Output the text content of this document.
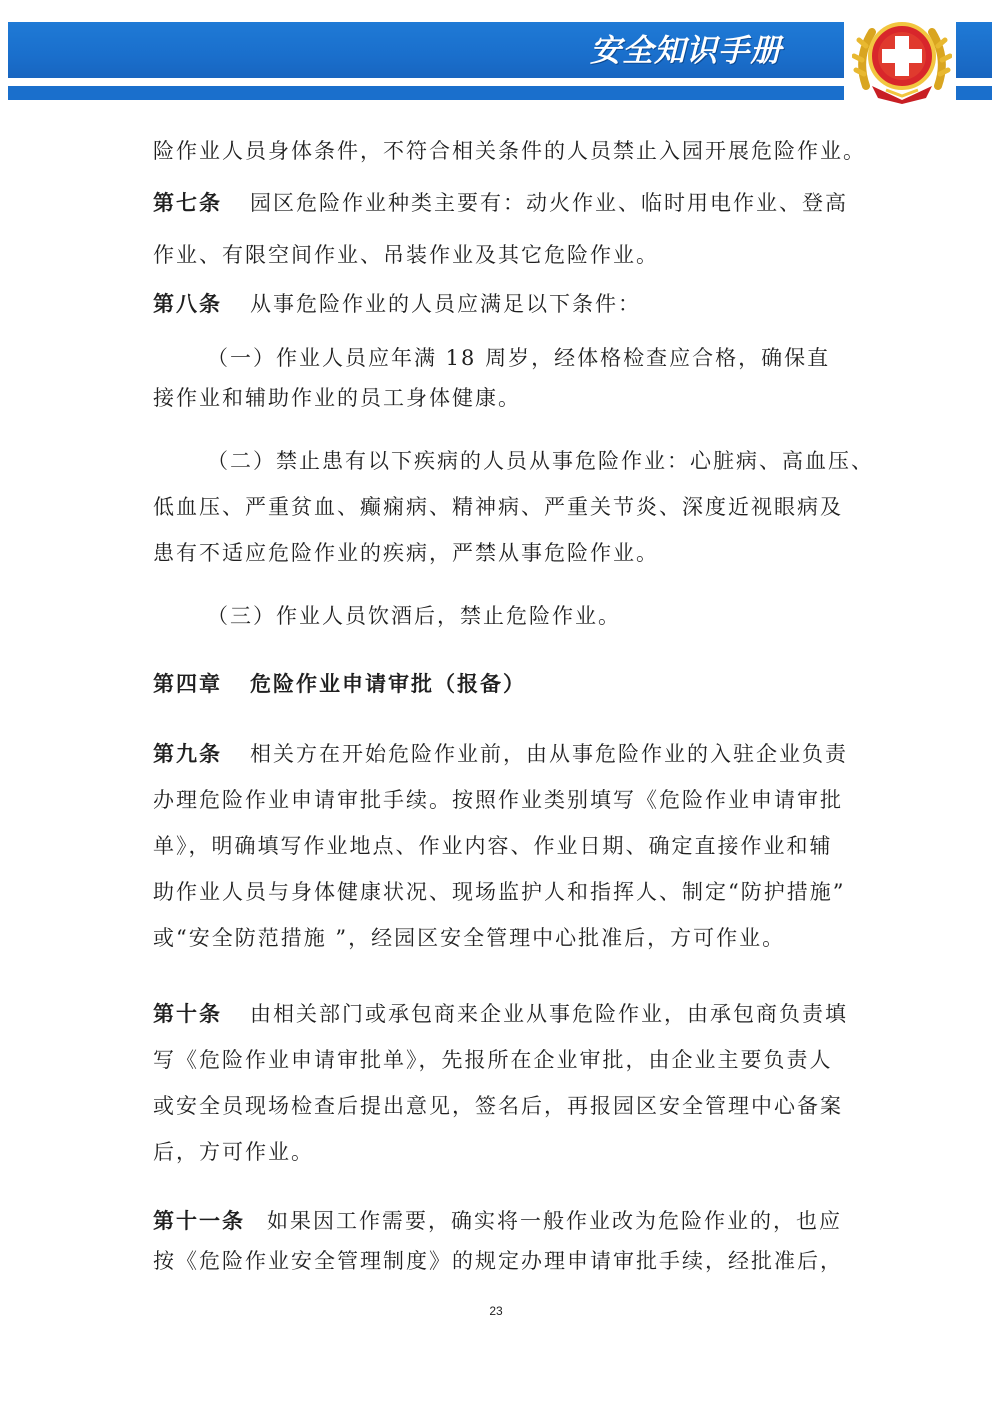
安全知识手册

险作业人员身体条件，不符合相关条件的人员禁止入园开展危险作业。

第七条 园区危险作业种类主要有：动火作业、临时用电作业、登高
作业、有限空间作业、吊装作业及其它危险作业。

第八条 从事危险作业的人员应满足以下条件：

（一）作业人员应年满 18 周岁，经体格检查应合格，确保直
接作业和辅助作业的员工身体健康。

（二）禁止患有以下疾病的人员从事危险作业：心脏病、高血压、
低血压、严重贫血、癫痫病、精神病、严重关节炎、深度近视眼病及
患有不适应危险作业的疾病，严禁从事危险作业。

（三）作业人员饮酒后，禁止危险作业。

第四章 危险作业申请审批（报备）

第九条 相关方在开始危险作业前，由从事危险作业的入驻企业负责
办理危险作业申请审批手续。按照作业类别填写《危险作业申请审批
单》，明确填写作业地点、作业内容、作业日期、确定直接作业和辅
助作业人员与身体健康状况、现场监护人和指挥人、制定“防护措施”
或“安全防范措施 ”，经园区安全管理中心批准后，方可作业。

第十条 由相关部门或承包商来企业从事危险作业，由承包商负责填
写《危险作业申请审批单》，先报所在企业审批，由企业主要负责人
或安全员现场检查后提出意见，签名后，再报园区安全管理中心备案
后，方可作业。

第十一条 如果因工作需要，确实将一般作业改为危险作业的，也应
按《危险作业安全管理制度》的规定办理申请审批手续，经批准后，

23
